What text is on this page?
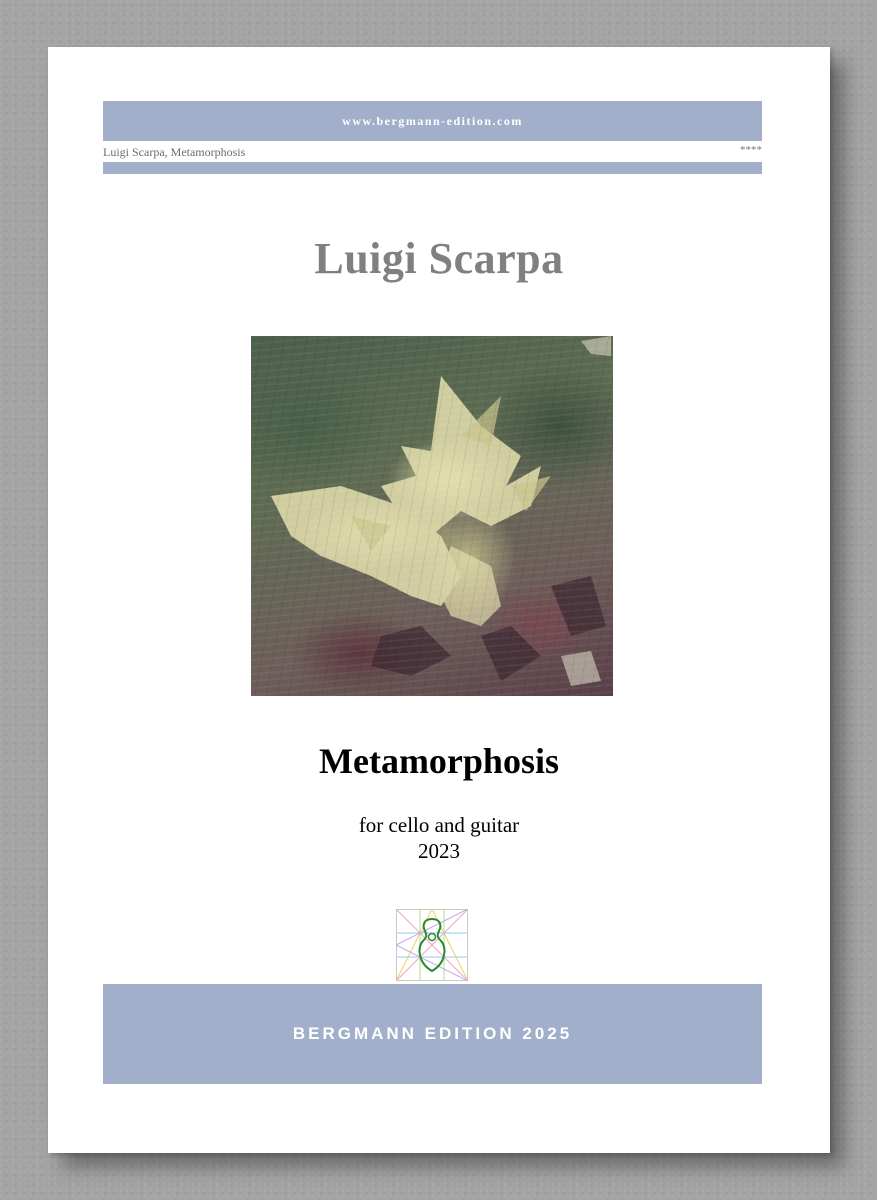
www.bergmann-edition.com
Luigi Scarpa, Metamorphosis	****
Luigi Scarpa
Metamorphosis
for cello and guitar
2023
BERGMANN EDITION 2025
